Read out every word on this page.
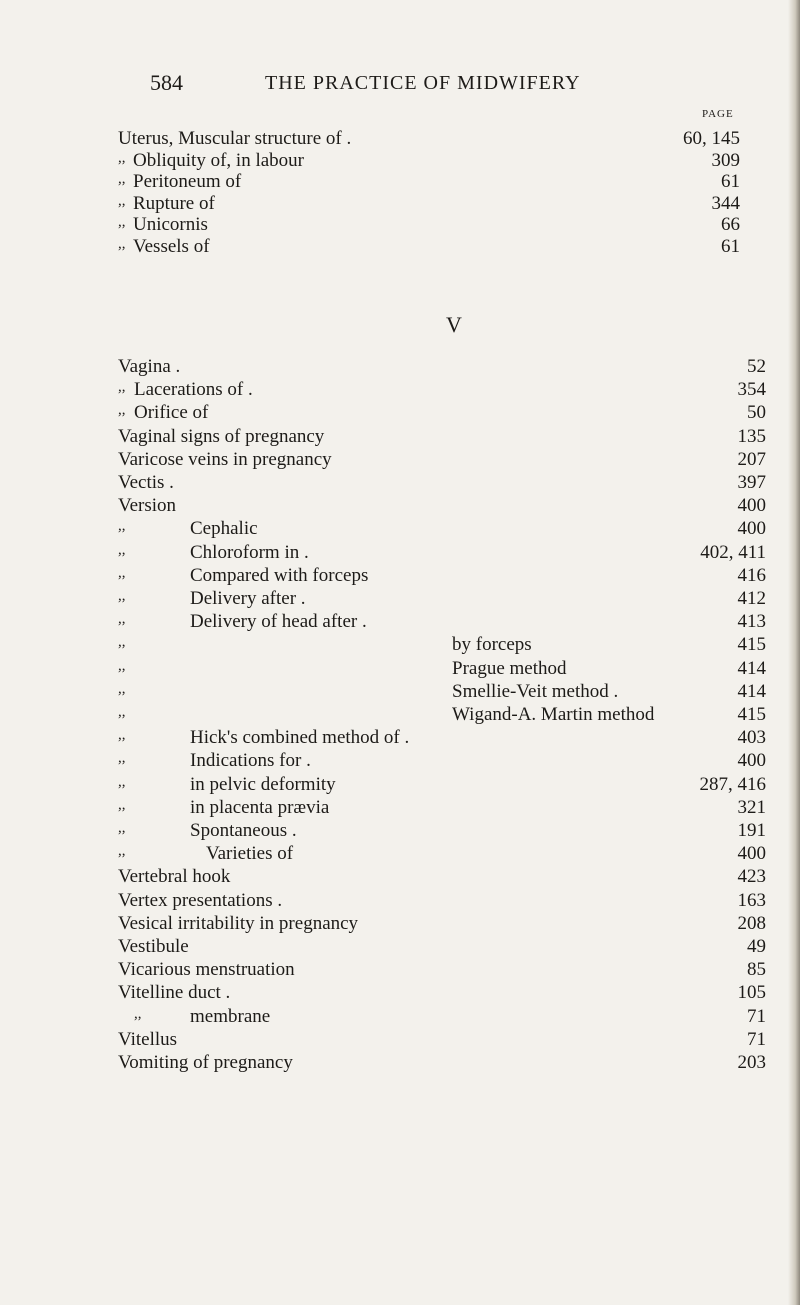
584	THE PRACTICE OF MIDWIFERY
PAGE
Uterus, Muscular structure of .	60, 145
,, Obliquity of, in labour	309
,, Peritoneum of	61
,, Rupture of	344
,, Unicornis	66
,, Vessels of	61
V
Vagina .	52
,, Lacerations of .	354
,, Orifice of	50
Vaginal signs of pregnancy	135
Varicose veins in pregnancy	207
Vectis .	397
Version	400
,,	Cephalic	400
,,	Chloroform in .	402, 411
,,	Compared with forceps	416
,,	Delivery after .	412
,,	Delivery of head after .	413
,,	by forceps	415
,,	Prague method	414
,,	Smellie-Veit method .	414
,,	Wigand-A. Martin method	415
,,	Hick's combined method of .	403
,,	Indications for .	400
,,	in pelvic deformity	287, 416
,,	in placenta prævia	321
,,	Spontaneous .	191
,,	Varieties of	400
Vertebral hook	423
Vertex presentations .	163
Vesical irritability in pregnancy	208
Vestibule	49
Vicarious menstruation	85
Vitelline duct .	105
,,	membrane	71
Vitellus	71
Vomiting of pregnancy	203
